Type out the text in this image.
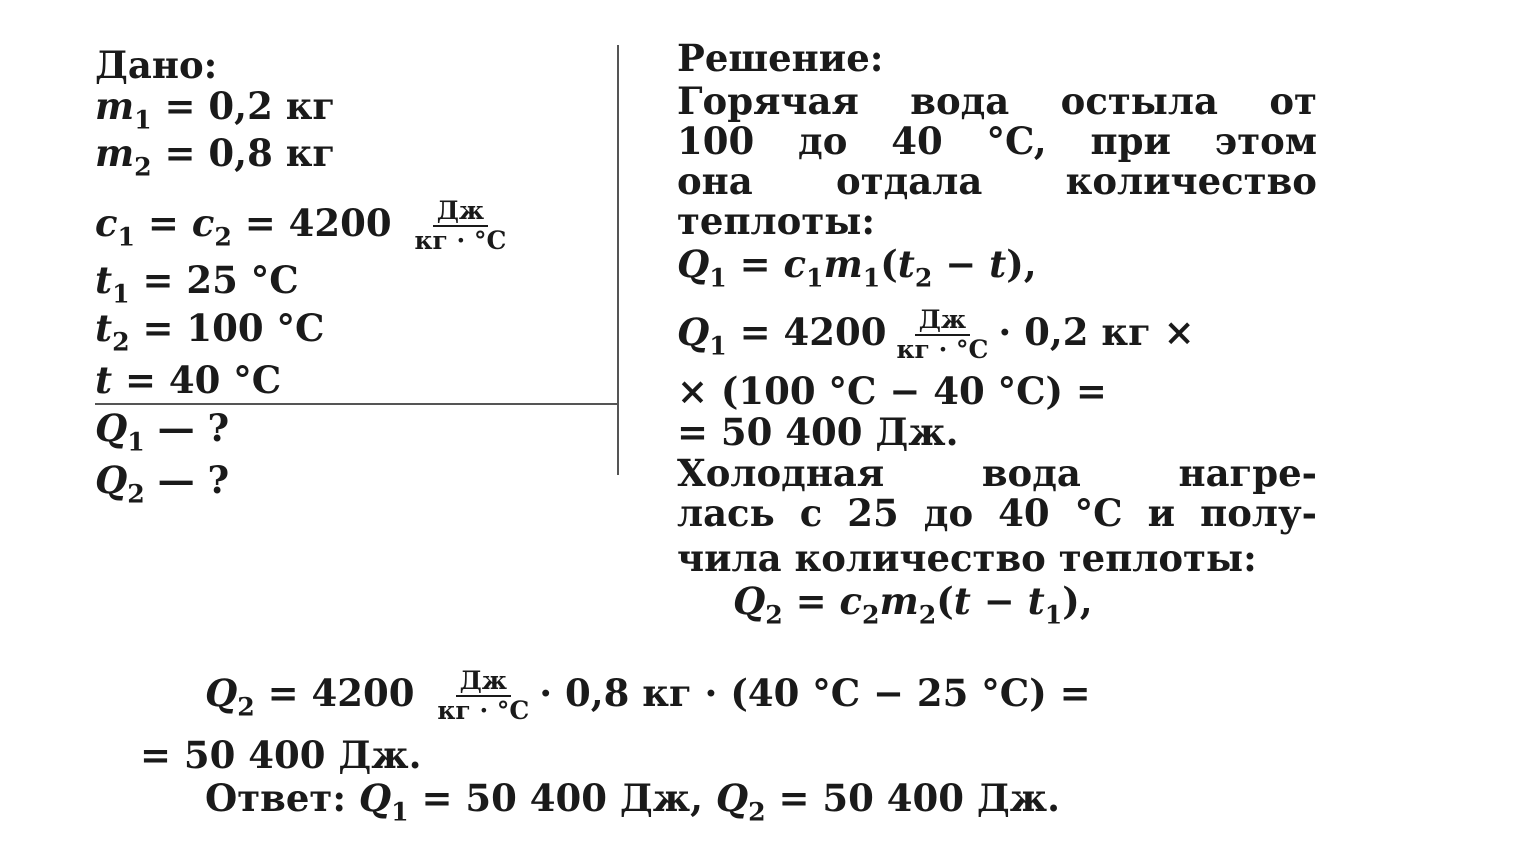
Дано:
$m_1 = 0,2$ кг
$m_2 = 0,8$ кг
$c_1 = c_2 = 4200 \frac{Дж}{кг \cdot ^\circ C}$
$t_1 = 25$ °C
$t_2 = 100$ °C
t = 40 °C
$Q_1$ — ?
$Q_2$ — ?
Решение:
Горячая вода остыла от
100 до 40 °C, при этом
она отдала количество
теплоты:
$Q_1 = c_1m_1(t_2 - t)$,
$Q_1 = 4200 \frac{Дж}{кг \cdot ^\circ C} \cdot 0,2$ кг ×
× (100 °C − 40 °C) =
= 50 400 Дж.
Холодная вода нагре-
лась с 25 до 40 °C и полу-
чила количество теплоты:
$Q_2 = c_2m_2(t - t_1)$,
$Q_2 = 4200 \frac{Дж}{кг \cdot ^\circ C} \cdot 0,8$ кг · (40 °C − 25 °C) =
= 50 400 Дж.
Ответ: $Q_1 = 50$ 400 Дж, $Q_2 = 50$ 400 Дж.
